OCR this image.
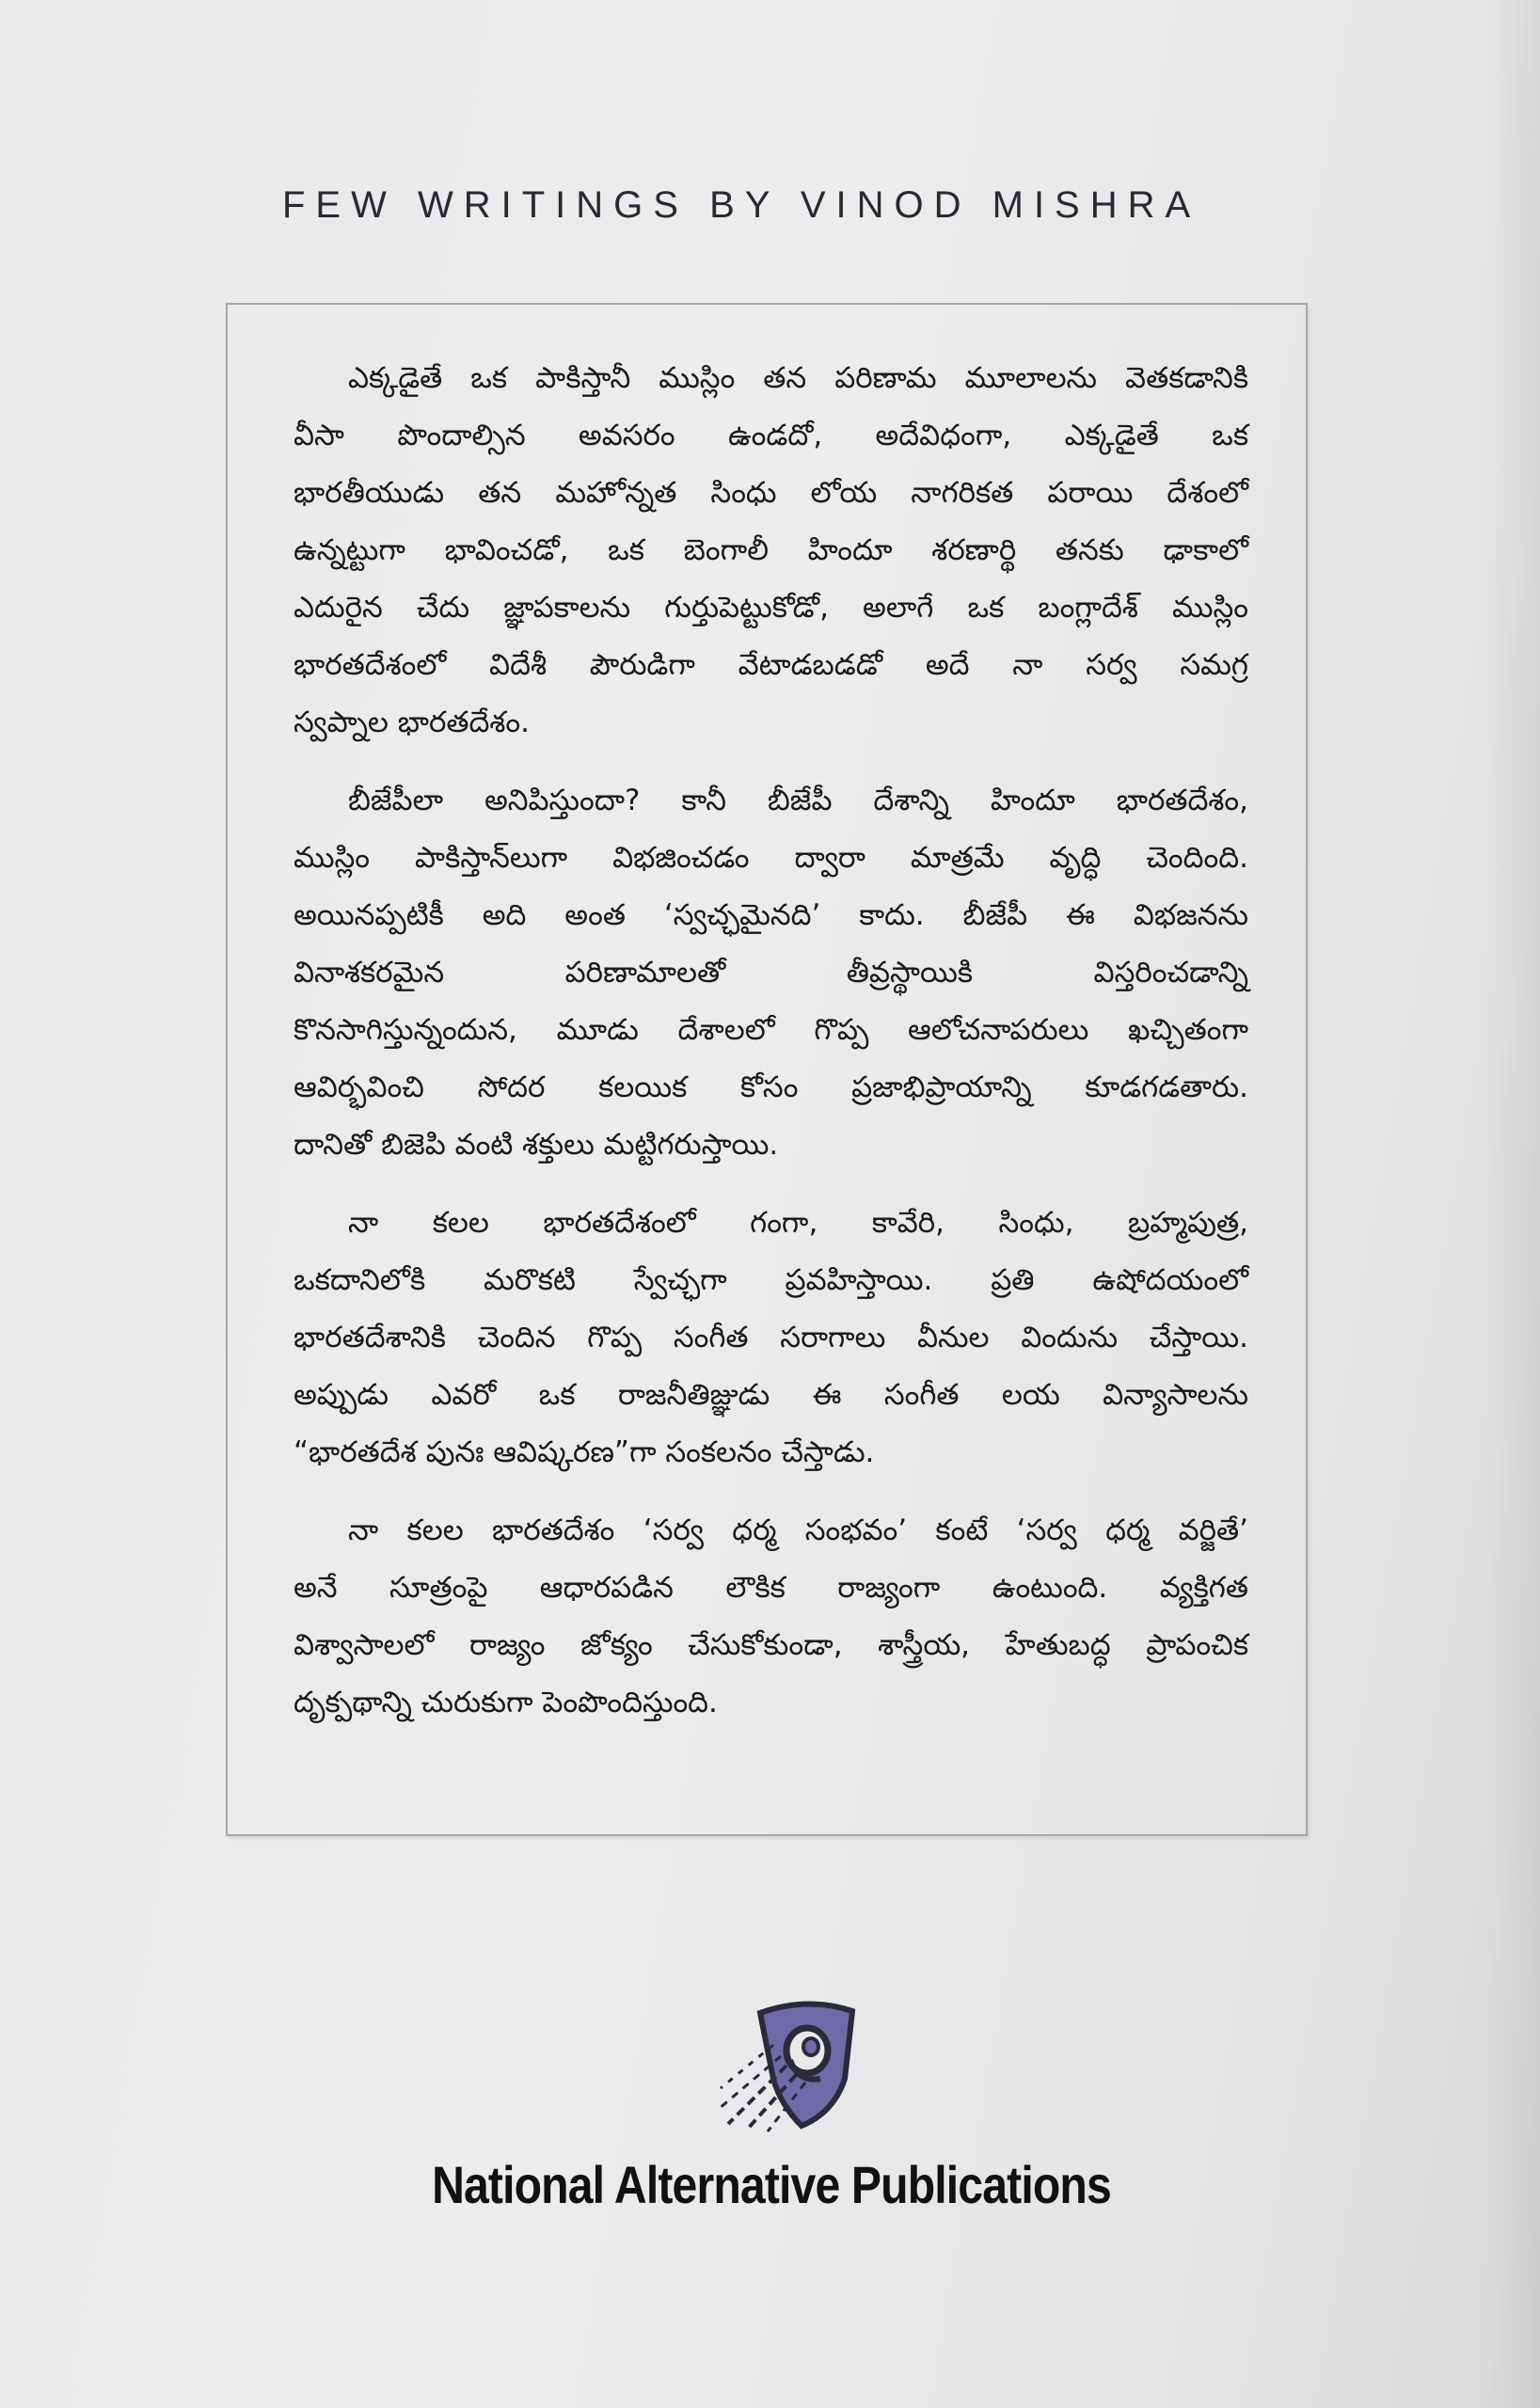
FEW WRITINGS BY VINOD MISHRA
ఎక్కడైతే ఒక పాకిస్తానీ ముస్లిం తన పరిణామ మూలాలను వెతకడానికి
వీసా పొందాల్సిన అవసరం ఉండదో, అదేవిధంగా, ఎక్కడైతే ఒక
భారతీయుడు తన మహోన్నత సింధు లోయ నాగరికత పరాయి దేశంలో
ఉన్నట్టుగా భావించడో, ఒక బెంగాలీ హిందూ శరణార్థి తనకు ఢాకాలో
ఎదురైన చేదు జ్ఞాపకాలను గుర్తుపెట్టుకోడో, అలాగే ఒక బంగ్లాదేశ్ ముస్లిం
భారతదేశంలో విదేశీ పౌరుడిగా వేటాడబడడో అదే నా సర్వ సమగ్ర
స్వప్నాల భారతదేశం.
బీజేపీలా అనిపిస్తుందా? కానీ బీజేపీ దేశాన్ని హిందూ భారతదేశం,
ముస్లిం పాకిస్తాన్‌లుగా విభజించడం ద్వారా మాత్రమే వృద్ధి చెందింది.
అయినప్పటికీ అది అంత ‘స్వచ్ఛమైనది’ కాదు. బీజేపీ ఈ విభజనను
వినాశకరమైన పరిణామాలతో తీవ్రస్థాయికి విస్తరించడాన్ని
కొనసాగిస్తున్నందున, మూడు దేశాలలో గొప్ప ఆలోచనాపరులు ఖచ్చితంగా
ఆవిర్భవించి సోదర కలయిక కోసం ప్రజాభిప్రాయాన్ని కూడగడతారు.
దానితో బిజెపి వంటి శక్తులు మట్టిగరుస్తాయి.
నా కలల భారతదేశంలో గంగా, కావేరి, సింధు, బ్రహ్మపుత్ర,
ఒకదానిలోకి మరొకటి స్వేచ్ఛగా ప్రవహిస్తాయి. ప్రతి ఉషోదయంలో
భారతదేశానికి చెందిన గొప్ప సంగీత సరాగాలు వీనుల విందును చేస్తాయి.
అప్పుడు ఎవరో ఒక రాజనీతిజ్ఞుడు ఈ సంగీత లయ విన్యాసాలను
“భారతదేశ పునః ఆవిష్కరణ”గా సంకలనం చేస్తాడు.
నా కలల భారతదేశం ‘సర్వ ధర్మ సంభవం’ కంటే ‘సర్వ ధర్మ వర్జితే’
అనే సూత్రంపై ఆధారపడిన లౌకిక రాజ్యంగా ఉంటుంది. వ్యక్తిగత
విశ్వాసాలలో రాజ్యం జోక్యం చేసుకోకుండా, శాస్త్రీయ, హేతుబద్ధ ప్రాపంచిక
దృక్పథాన్ని చురుకుగా పెంపొందిస్తుంది.
National Alternative Publications
